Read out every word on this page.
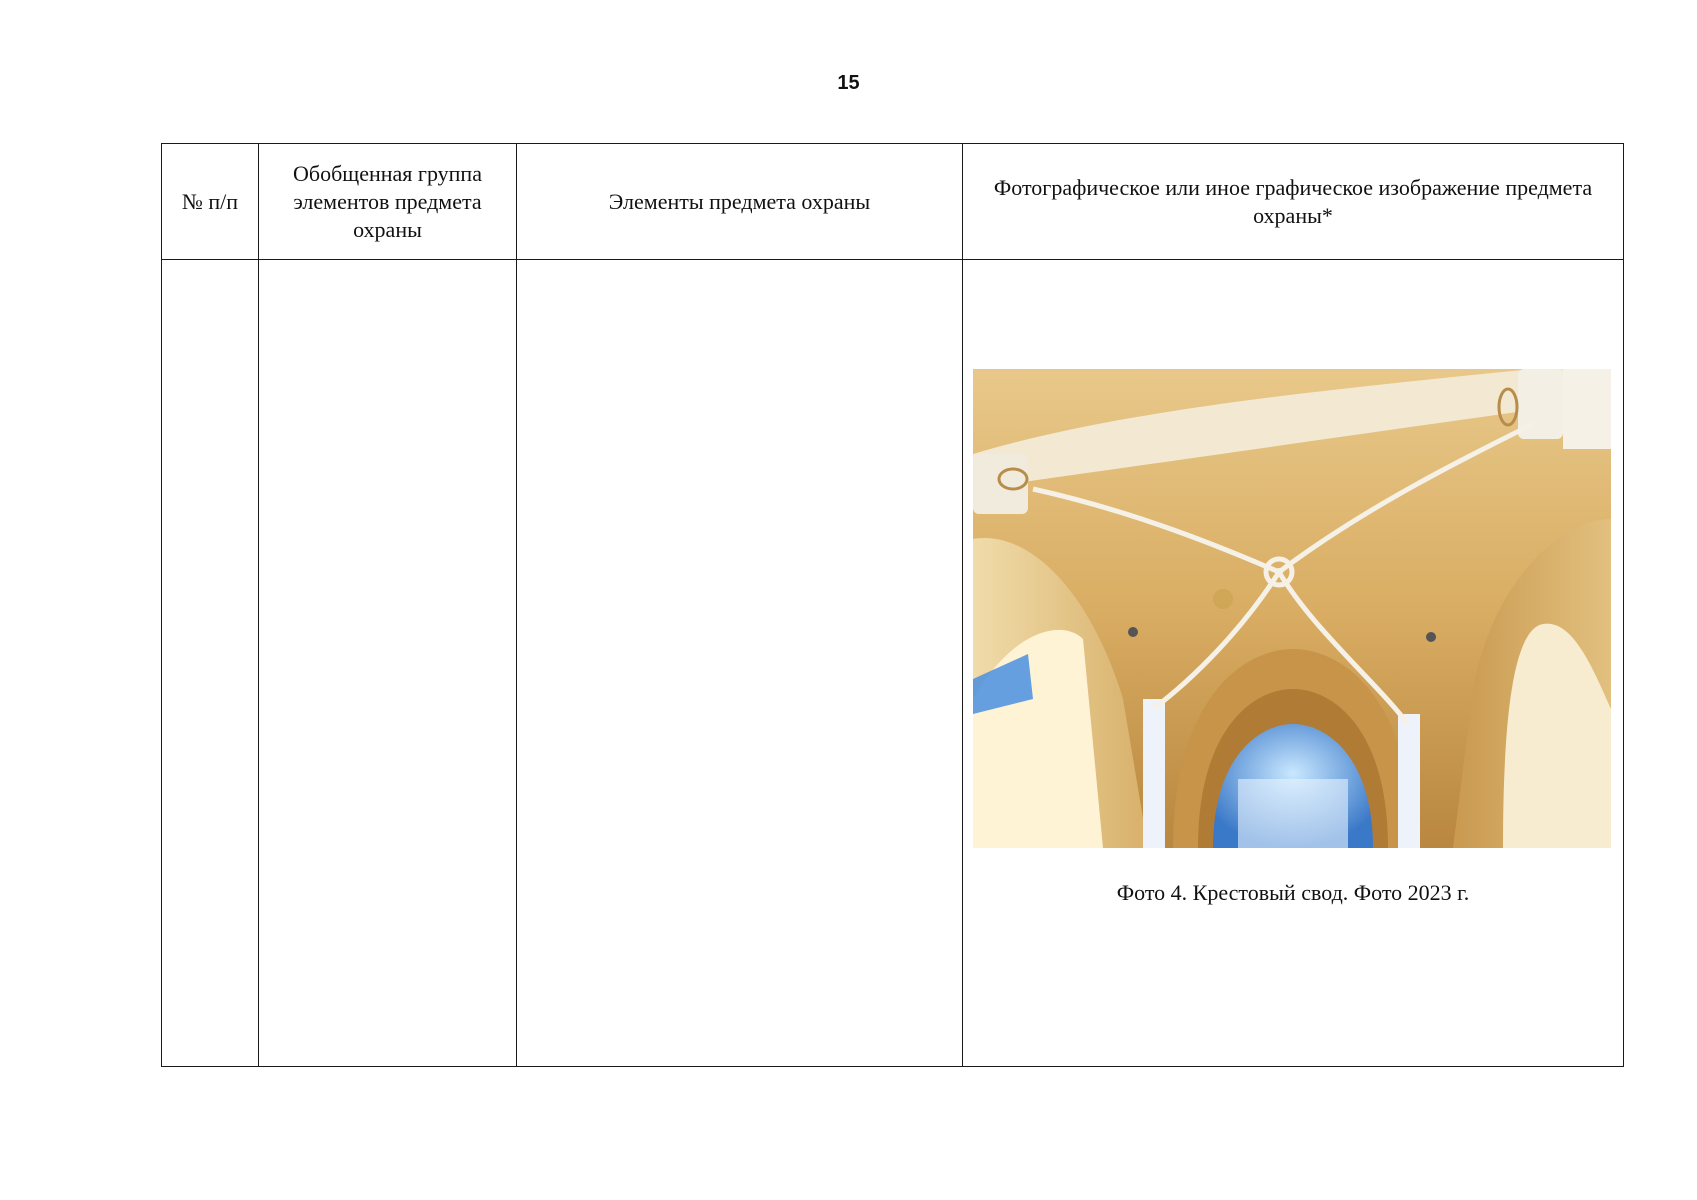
15
№ п/п	Обобщенная группа элементов предмета охраны	Элементы предмета охраны	Фотографическое или иное графическое изображение предмета охраны*

			Фото 4. Крестовый свод. Фото 2023 г.
